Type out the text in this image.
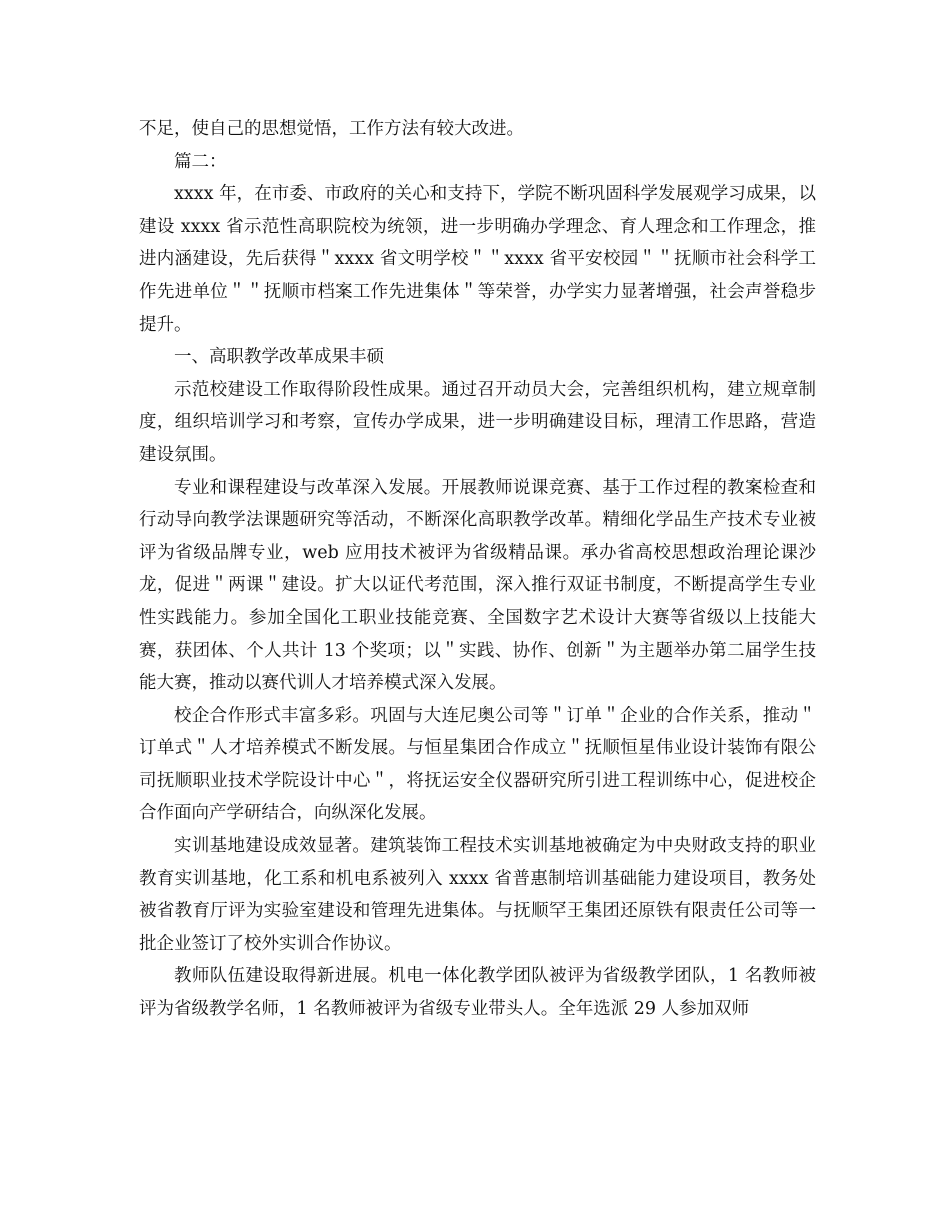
不足，使自己的思想觉悟，工作方法有较大改进。

篇二：

xxxx 年，在市委、市政府的关心和支持下，学院不断巩固科学发展观学习成果，以建设 xxxx 省示范性高职院校为统领，进一步明确办学理念、育人理念和工作理念，推进内涵建设，先后获得＂xxxx 省文明学校＂＂xxxx 省平安校园＂＂抚顺市社会科学工作先进单位＂＂抚顺市档案工作先进集体＂等荣誉，办学实力显著增强，社会声誉稳步提升。

一、高职教学改革成果丰硕

示范校建设工作取得阶段性成果。通过召开动员大会，完善组织机构，建立规章制度，组织培训学习和考察，宣传办学成果，进一步明确建设目标，理清工作思路，营造建设氛围。

专业和课程建设与改革深入发展。开展教师说课竞赛、基于工作过程的教案检查和行动导向教学法课题研究等活动，不断深化高职教学改革。精细化学品生产技术专业被评为省级品牌专业，web 应用技术被评为省级精品课。承办省高校思想政治理论课沙龙，促进＂两课＂建设。扩大以证代考范围，深入推行双证书制度，不断提高学生专业性实践能力。参加全国化工职业技能竞赛、全国数字艺术设计大赛等省级以上技能大赛，获团体、个人共计 13 个奖项；以＂实践、协作、创新＂为主题举办第二届学生技能大赛，推动以赛代训人才培养模式深入发展。

校企合作形式丰富多彩。巩固与大连尼奥公司等＂订单＂企业的合作关系，推动＂订单式＂人才培养模式不断发展。与恒星集团合作成立＂抚顺恒星伟业设计装饰有限公司抚顺职业技术学院设计中心＂，将抚运安全仪器研究所引进工程训练中心，促进校企合作面向产学研结合，向纵深化发展。

实训基地建设成效显著。建筑装饰工程技术实训基地被确定为中央财政支持的职业教育实训基地，化工系和机电系被列入 xxxx 省普惠制培训基础能力建设项目，教务处被省教育厅评为实验室建设和管理先进集体。与抚顺罕王集团还原铁有限责任公司等一批企业签订了校外实训合作协议。

教师队伍建设取得新进展。机电一体化教学团队被评为省级教学团队，1 名教师被评为省级教学名师，1 名教师被评为省级专业带头人。全年选派 29 人参加双师
